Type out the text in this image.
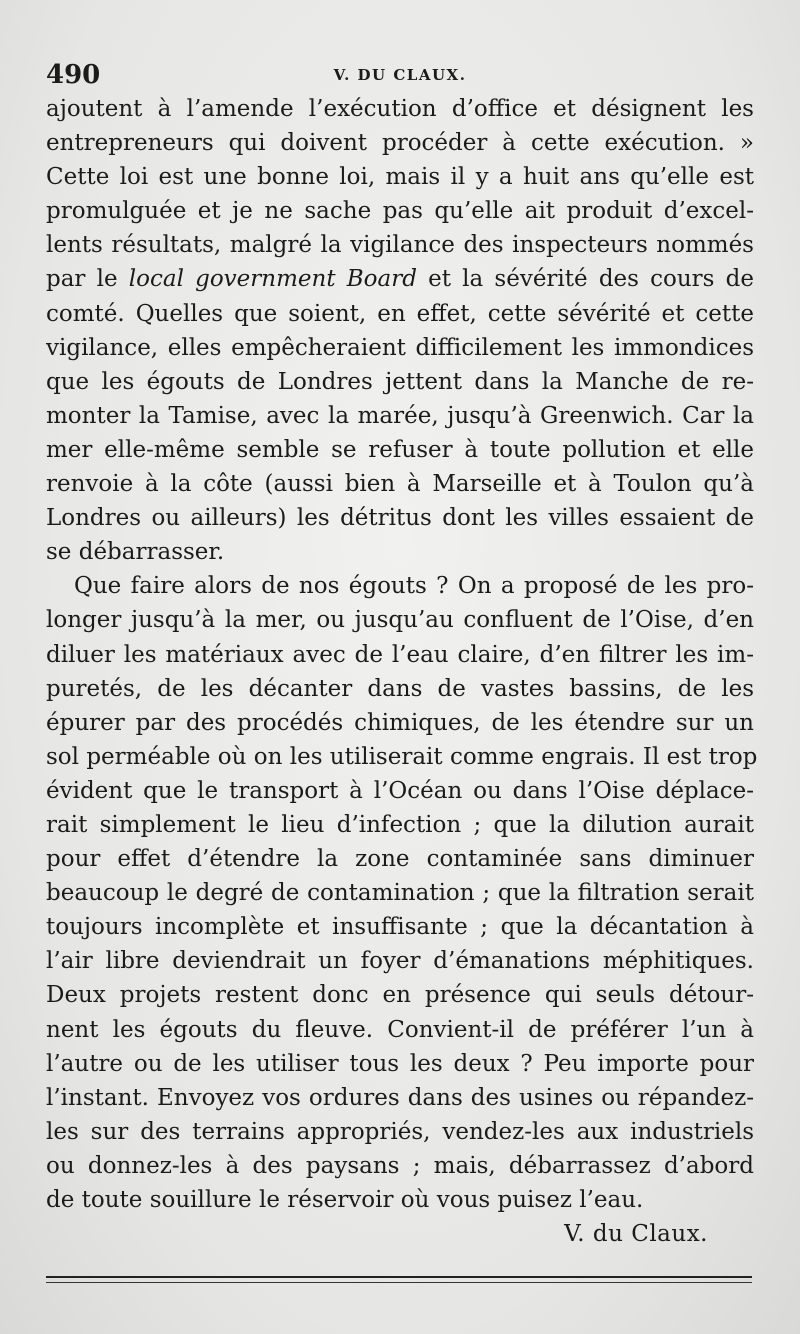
490	V. DU CLAUX.
ajoutent à l’amende l’exécution d’office et désignent les
entrepreneurs qui doivent procéder à cette exécution. »
Cette loi est une bonne loi, mais il y a huit ans qu’elle est
promulguée et je ne sache pas qu’elle ait produit d’excel-
lents résultats, malgré la vigilance des inspecteurs nommés
par le local government Board et la sévérité des cours de
comté. Quelles que soient, en effet, cette sévérité et cette
vigilance, elles empêcheraient difficilement les immondices
que les égouts de Londres jettent dans la Manche de re-
monter la Tamise, avec la marée, jusqu’à Greenwich. Car la
mer elle-même semble se refuser à toute pollution et elle
renvoie à la côte (aussi bien à Marseille et à Toulon qu’à
Londres ou ailleurs) les détritus dont les villes essaient de
se débarrasser.
Que faire alors de nos égouts ? On a proposé de les pro-
longer jusqu’à la mer, ou jusqu’au confluent de l’Oise, d’en
diluer les matériaux avec de l’eau claire, d’en filtrer les im-
puretés, de les décanter dans de vastes bassins, de les
épurer par des procédés chimiques, de les étendre sur un
sol perméable où on les utiliserait comme engrais. Il est trop
évident que le transport à l’Océan ou dans l’Oise déplace-
rait simplement le lieu d’infection ; que la dilution aurait
pour effet d’étendre la zone contaminée sans diminuer
beaucoup le degré de contamination ; que la filtration serait
toujours incomplète et insuffisante ; que la décantation à
l’air libre deviendrait un foyer d’émanations méphitiques.
Deux projets restent donc en présence qui seuls détour-
nent les égouts du fleuve. Convient-il de préférer l’un à
l’autre ou de les utiliser tous les deux ? Peu importe pour
l’instant. Envoyez vos ordures dans des usines ou répandez-
les sur des terrains appropriés, vendez-les aux industriels
ou donnez-les à des paysans ; mais, débarrassez d’abord
de toute souillure le réservoir où vous puisez l’eau.
V. du Claux.
